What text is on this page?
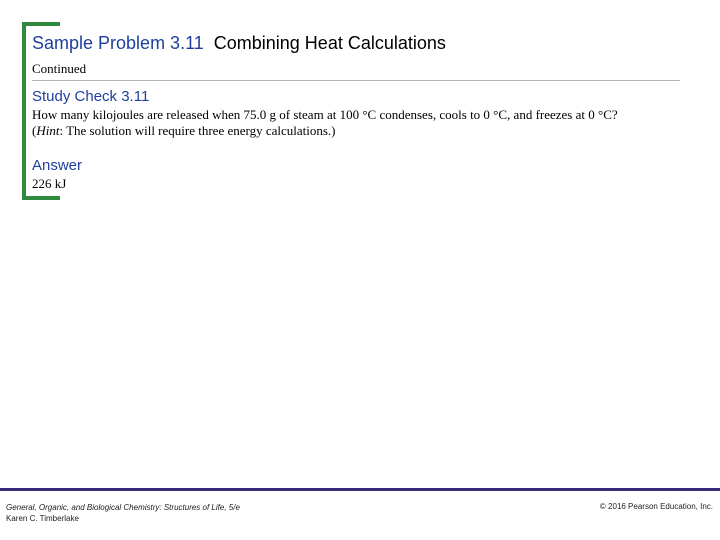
Sample Problem 3.11 Combining Heat Calculations
Continued
Study Check 3.11
How many kilojoules are released when 75.0 g of steam at 100 °C condenses, cools to 0 °C, and freezes at 0 °C?
(Hint: The solution will require three energy calculations.)
Answer
226 kJ
General, Organic, and Biological Chemistry: Structures of Life, 5/e
Karen C. Timberlake
© 2016 Pearson Education, Inc.
